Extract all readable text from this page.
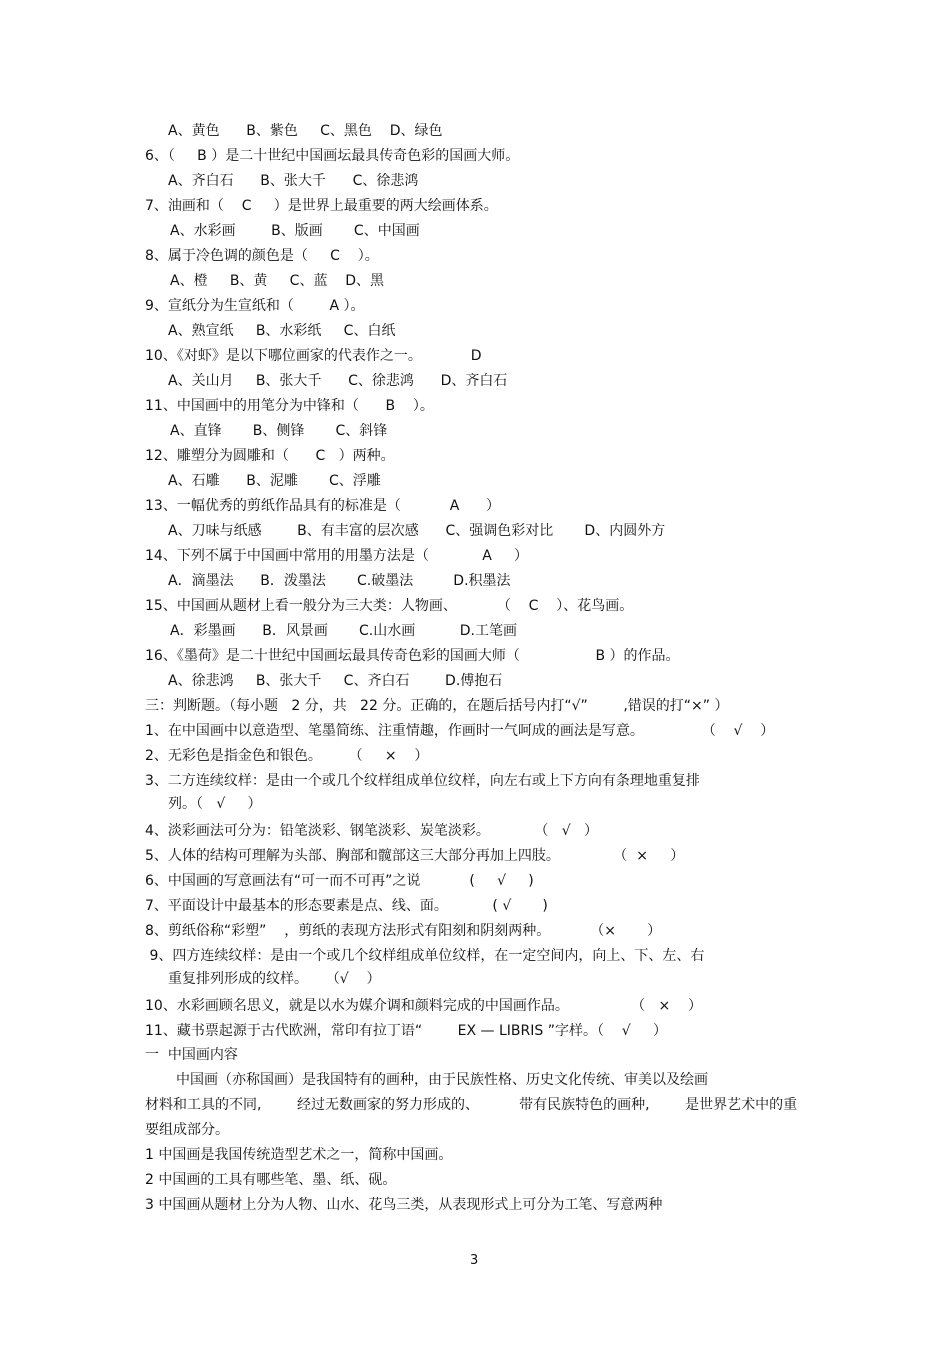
A、黄色      B、紫色     C、黑色    D、绿色
6、（     B ）是二十世纪中国画坛最具传奇色彩的国画大师。
A、齐白石      B、张大千      C、徐悲鸿
7、油画和（    C     ）是世界上最重要的两大绘画体系。
A、水彩画        B、版画       C、中国画
8、属于冷色调的颜色是（     C    ）。
A、橙     B、黄     C、蓝    D、黑
9、宣纸分为生宣纸和（        A ）。
A、熟宣纸     B、水彩纸     C、白纸
10、《对虾》是以下哪位画家的代表作之一。           D
A、关山月     B、张大千      C、徐悲鸿      D、齐白石
11、中国画中的用笔分为中锋和（      B    ）。
A、直锋       B、侧锋       C、斜锋
12、雕塑分为圆雕和（      C   ）两种。
A、石雕      B、泥雕       C、浮雕
13、一幅优秀的剪纸作品具有的标准是（           A      ）
A、刀味与纸感        B、有丰富的层次感      C、强调色彩对比       D、内圆外方
14、下列不属于中国画中常用的用墨方法是（            A     ）
A．滴墨法      B．泼墨法       C.破墨法         D.积墨法
15、中国画从题材上看一般分为三大类：人物画、         （    C    ）、花鸟画。
A．彩墨画      B．风景画       C.山水画          D.工笔画
16、《墨荷》是二十世纪中国画坛最具传奇色彩的国画大师（                 B ）的作品。
A、徐悲鸿     B、张大千     C、齐白石        D.傅抱石
三：判断题。（每小题   2 分，共   22 分。正确的，在题后括号内打“√”        ,错误的打“×” ）
1、在中国画中以意造型、笔墨简练、注重情趣，作画时一气呵成的画法是写意。             （    √    ）
2、无彩色是指金色和银色。      （     ×    ）
3、二方连续纹样：是由一个或几个纹样组成单位纹样，向左右或上下方向有条理地重复排
列。（   √     ）
4、淡彩画法可分为：铅笔淡彩、钢笔淡彩、炭笔淡彩。          （   √   ）
5、人体的结构可理解为头部、胸部和髋部这三大部分再加上四肢。            （  ×     ）
6、中国画的写意画法有“可一而不可再”之说           (     √     )
7、平面设计中最基本的形态要素是点、线、面。          ( √       )
8、剪纸俗称“彩塑”    ，剪纸的表现方法形式有阳刻和阴刻两种。         （×       ）
9、四方连续纹样：是由一个或几个纹样组成单位纹样，在一定空间内，向上、下、左、右
重复排列形成的纹样。    （√    ）
10、水彩画顾名思义，就是以水为媒介调和颜料完成的中国画作品。              （   ×    ）
11、藏书票起源于古代欧洲，常印有拉丁语“        EX — LIBRIS ”字样。（    √     ）
一  中国画内容
中国画（亦称国画）是我国特有的画种，由于民族性格、历史文化传统、审美以及绘画
材料和工具的不同,        经过无数画家的努力形成的、         带有民族特色的画种,        是世界艺术中的重
要组成部分。
1 中国画是我国传统造型艺术之一，简称中国画。
2 中国画的工具有哪些笔、墨、纸、砚。
3 中国画从题材上分为人物、山水、花鸟三类，从表现形式上可分为工笔、写意两种
3
